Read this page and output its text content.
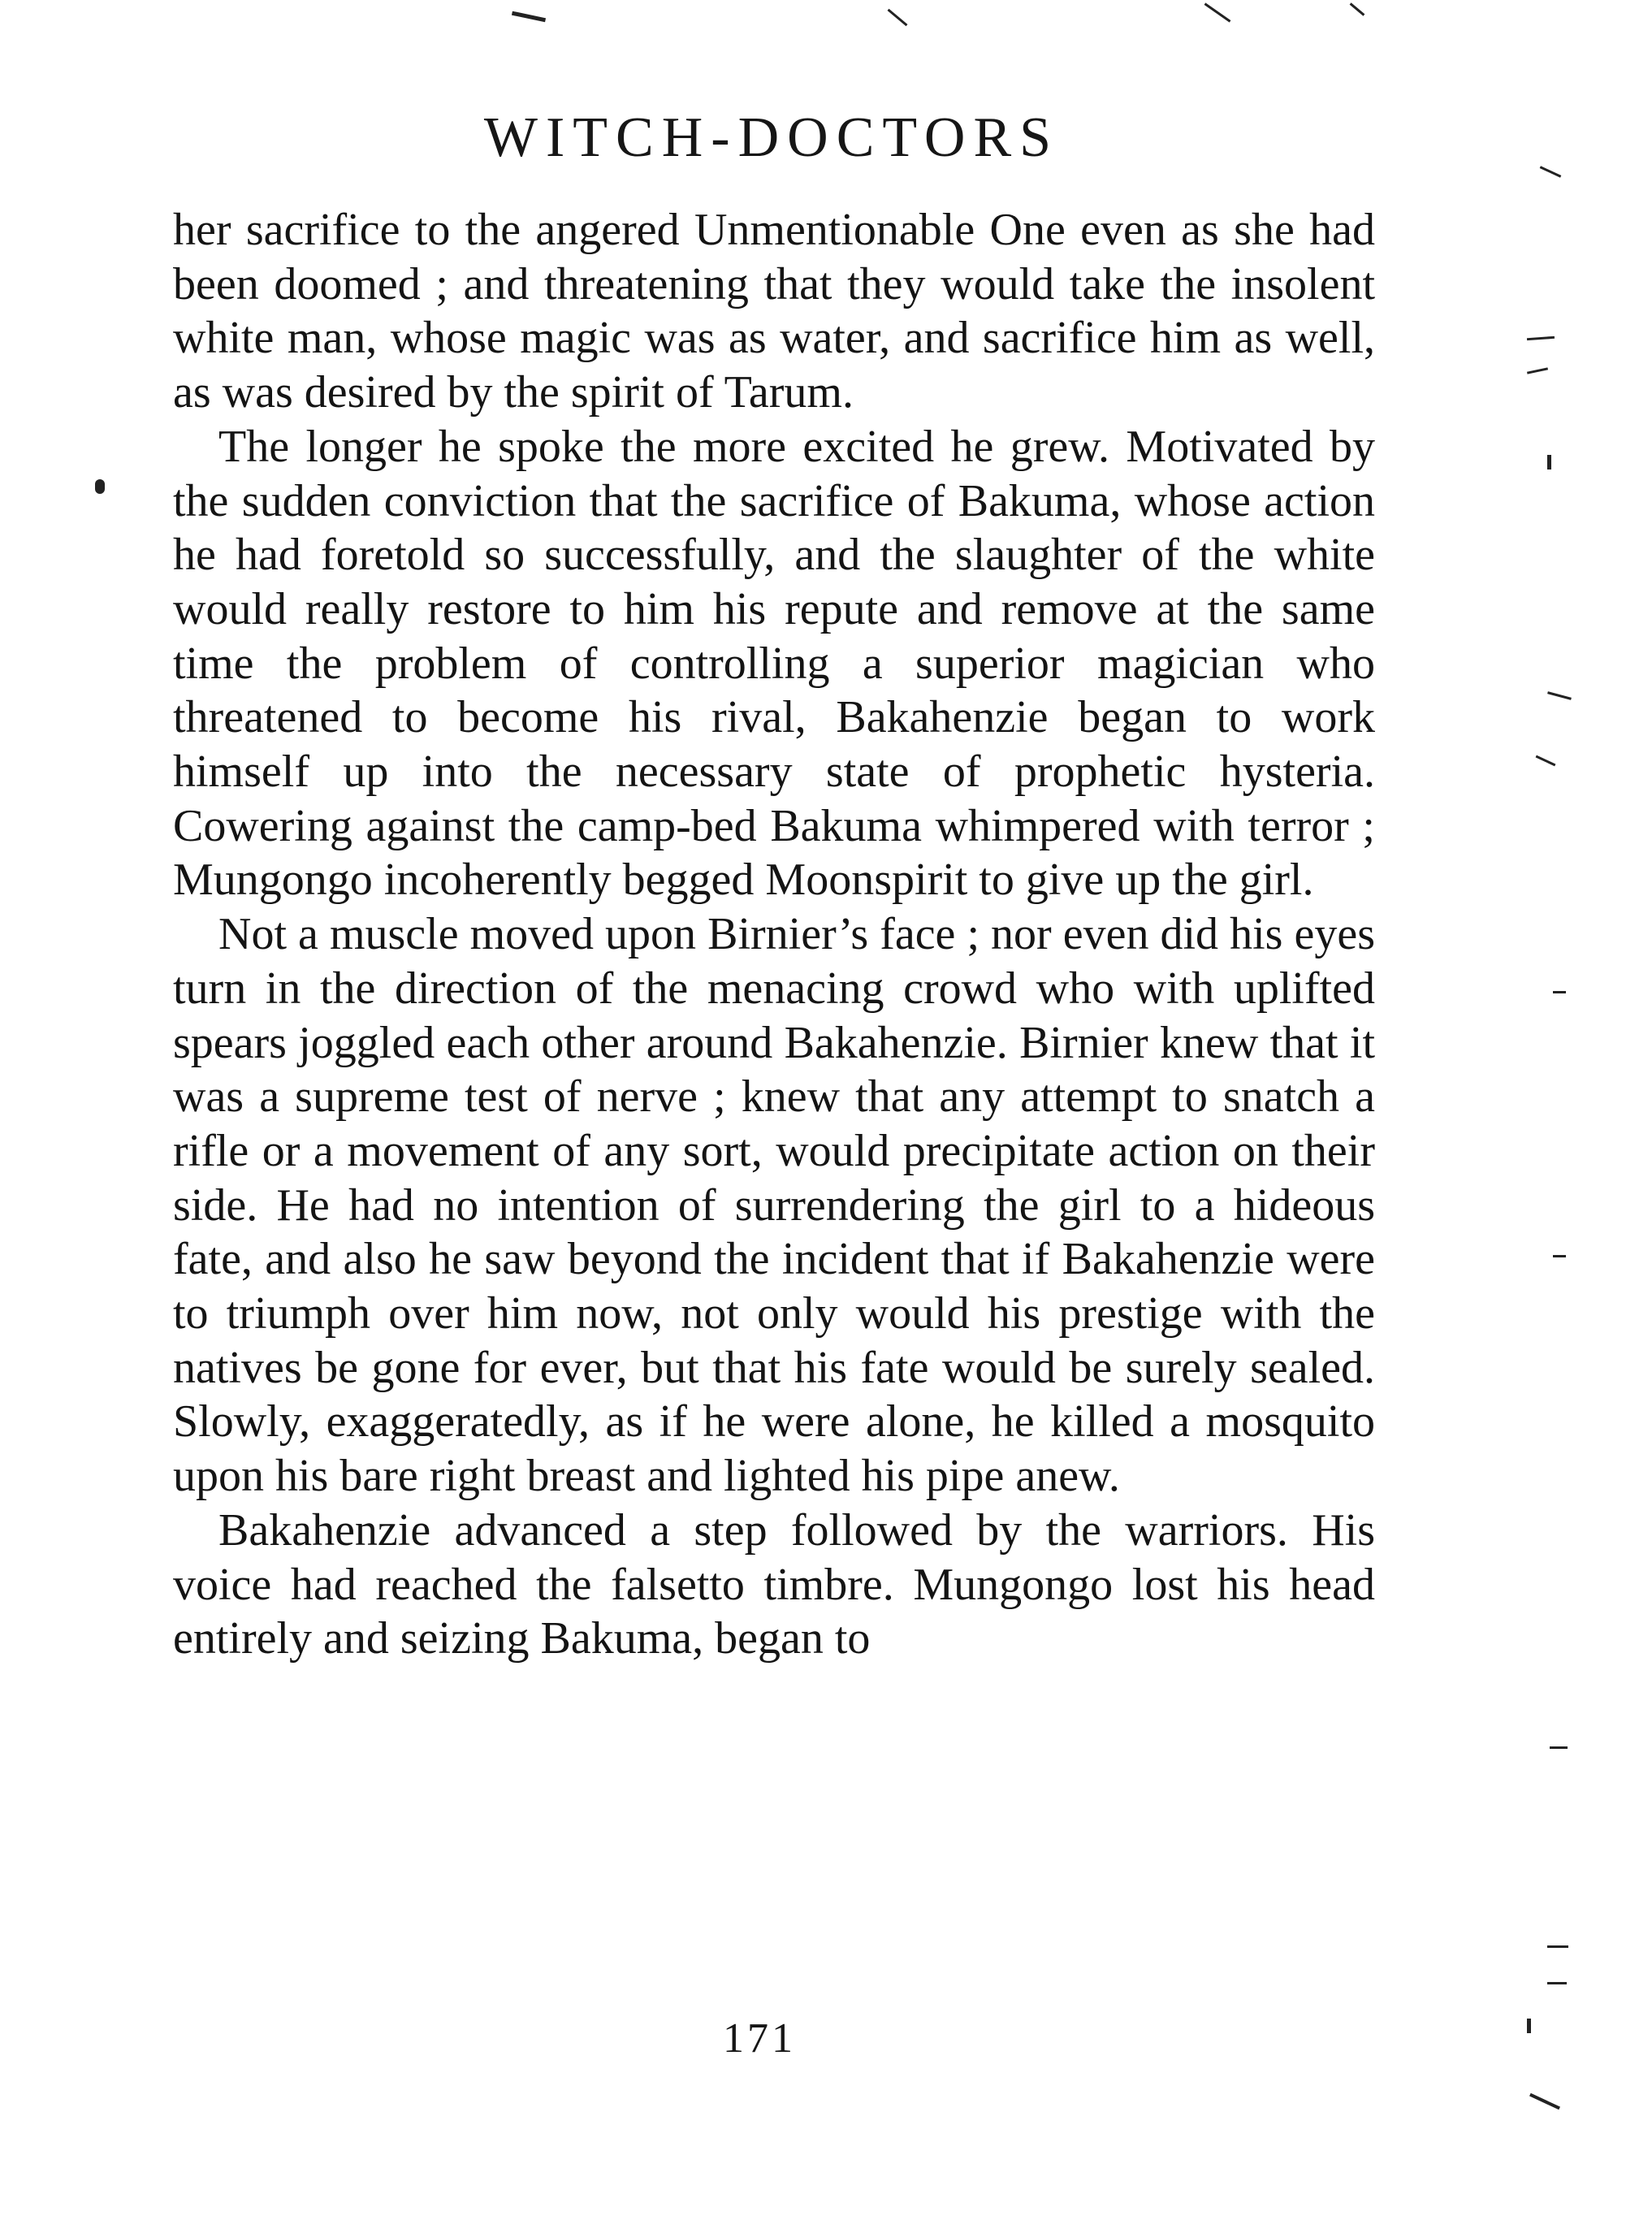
WITCH-DOCTORS

her sacrifice to the angered Unmentionable One even as she had been doomed ; and threatening that they would take the insolent white man, whose magic was as water, and sacrifice him as well, as was desired by the spirit of Tarum.

The longer he spoke the more excited he grew. Motivated by the sudden conviction that the sacrifice of Bakuma, whose action he had foretold so successfully, and the slaughter of the white would really restore to him his repute and remove at the same time the problem of controlling a superior magician who threatened to become his rival, Bakahenzie began to work himself up into the necessary state of prophetic hysteria. Cowering against the camp-bed Bakuma whimpered with terror ; Mungongo incoherently begged Moonspirit to give up the girl.

Not a muscle moved upon Birnier’s face ; nor even did his eyes turn in the direction of the menacing crowd who with uplifted spears joggled each other around Bakahenzie. Birnier knew that it was a supreme test of nerve ; knew that any attempt to snatch a rifle or a movement of any sort, would precipitate action on their side. He had no intention of surrendering the girl to a hideous fate, and also he saw beyond the incident that if Bakahenzie were to triumph over him now, not only would his prestige with the natives be gone for ever, but that his fate would be surely sealed. Slowly, exaggeratedly, as if he were alone, he killed a mosquito upon his bare right breast and lighted his pipe anew.

Bakahenzie advanced a step followed by the warriors. His voice had reached the falsetto timbre. Mungongo lost his head entirely and seizing Bakuma, began to

171
